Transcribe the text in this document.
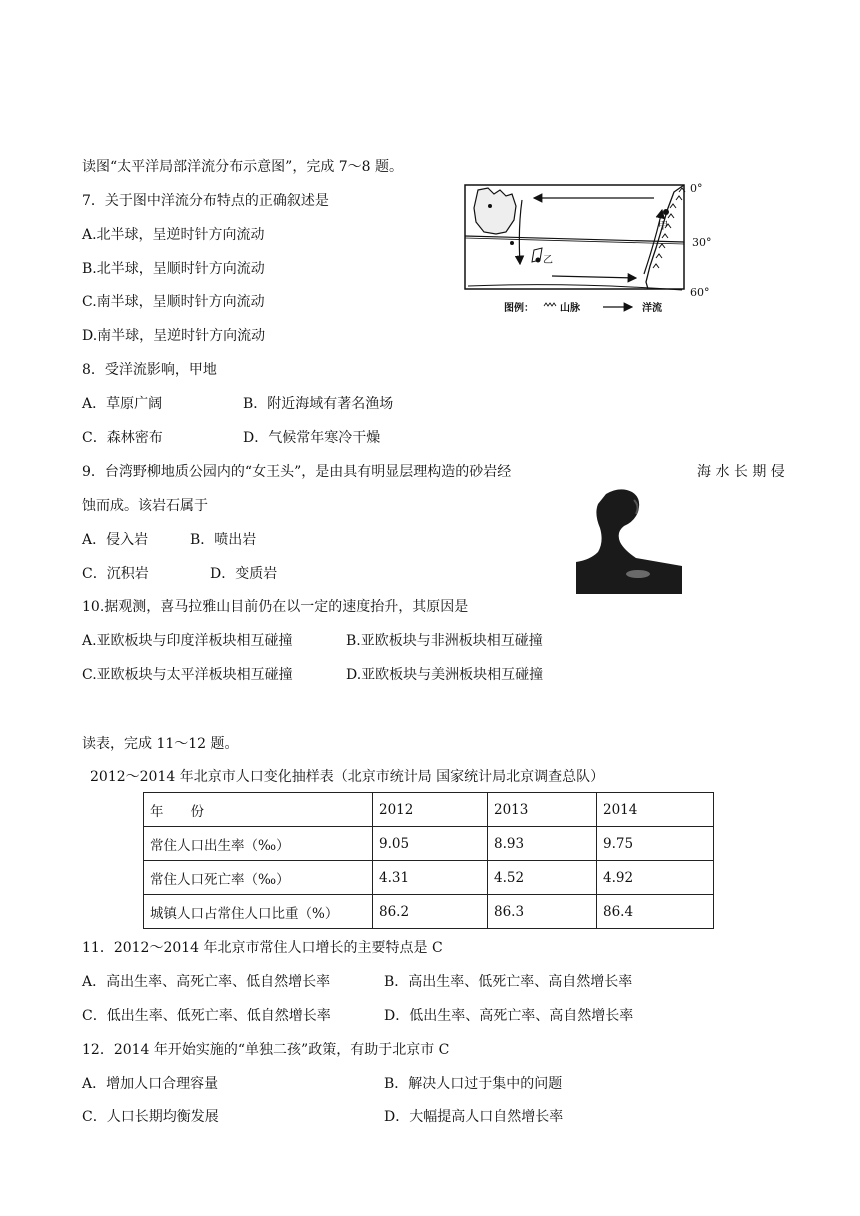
读图“太平洋局部洋流分布示意图”，完成 7～8 题。
7．关于图中洋流分布特点的正确叙述是
A.北半球，呈逆时针方向流动
B.北半球，呈顺时针方向流动
C.南半球，呈顺时针方向流动
D.南半球，呈逆时针方向流动
甲
乙
0°
30°
60°
图例：	山脉	洋流
8．受洋流影响，甲地
A．草原广阔	B．附近海域有著名渔场
C．森林密布	D．气候常年寒冷干燥
9．台湾野柳地质公园内的“女王头”，是由具有明显层理构造的砂岩经	海 水 长 期 侵
蚀而成。该岩石属于
A．侵入岩	B．喷出岩
C．沉积岩	D．变质岩
10.据观测，喜马拉雅山目前仍在以一定的速度抬升，其原因是
A.亚欧板块与印度洋板块相互碰撞	B.亚欧板块与非洲板块相互碰撞
C.亚欧板块与太平洋板块相互碰撞	D.亚欧板块与美洲板块相互碰撞
读表，完成 11～12 题。
2012～2014 年北京市人口变化抽样表（北京市统计局 国家统计局北京调查总队）
年　　份	2012	2013	2014
常住人口出生率（‰）	9.05	8.93	9.75
常住人口死亡率（‰）	4.31	4.52	4.92
城镇人口占常住人口比重（%）	86.2	86.3	86.4
11．2012～2014 年北京市常住人口增长的主要特点是 C
A．高出生率、高死亡率、低自然增长率	B．高出生率、低死亡率、高自然增长率
C．低出生率、低死亡率、低自然增长率	D．低出生率、高死亡率、高自然增长率
12．2014 年开始实施的“单独二孩”政策，有助于北京市 C
A．增加人口合理容量	B．解决人口过于集中的问题
C．人口长期均衡发展	D．大幅提高人口自然增长率
